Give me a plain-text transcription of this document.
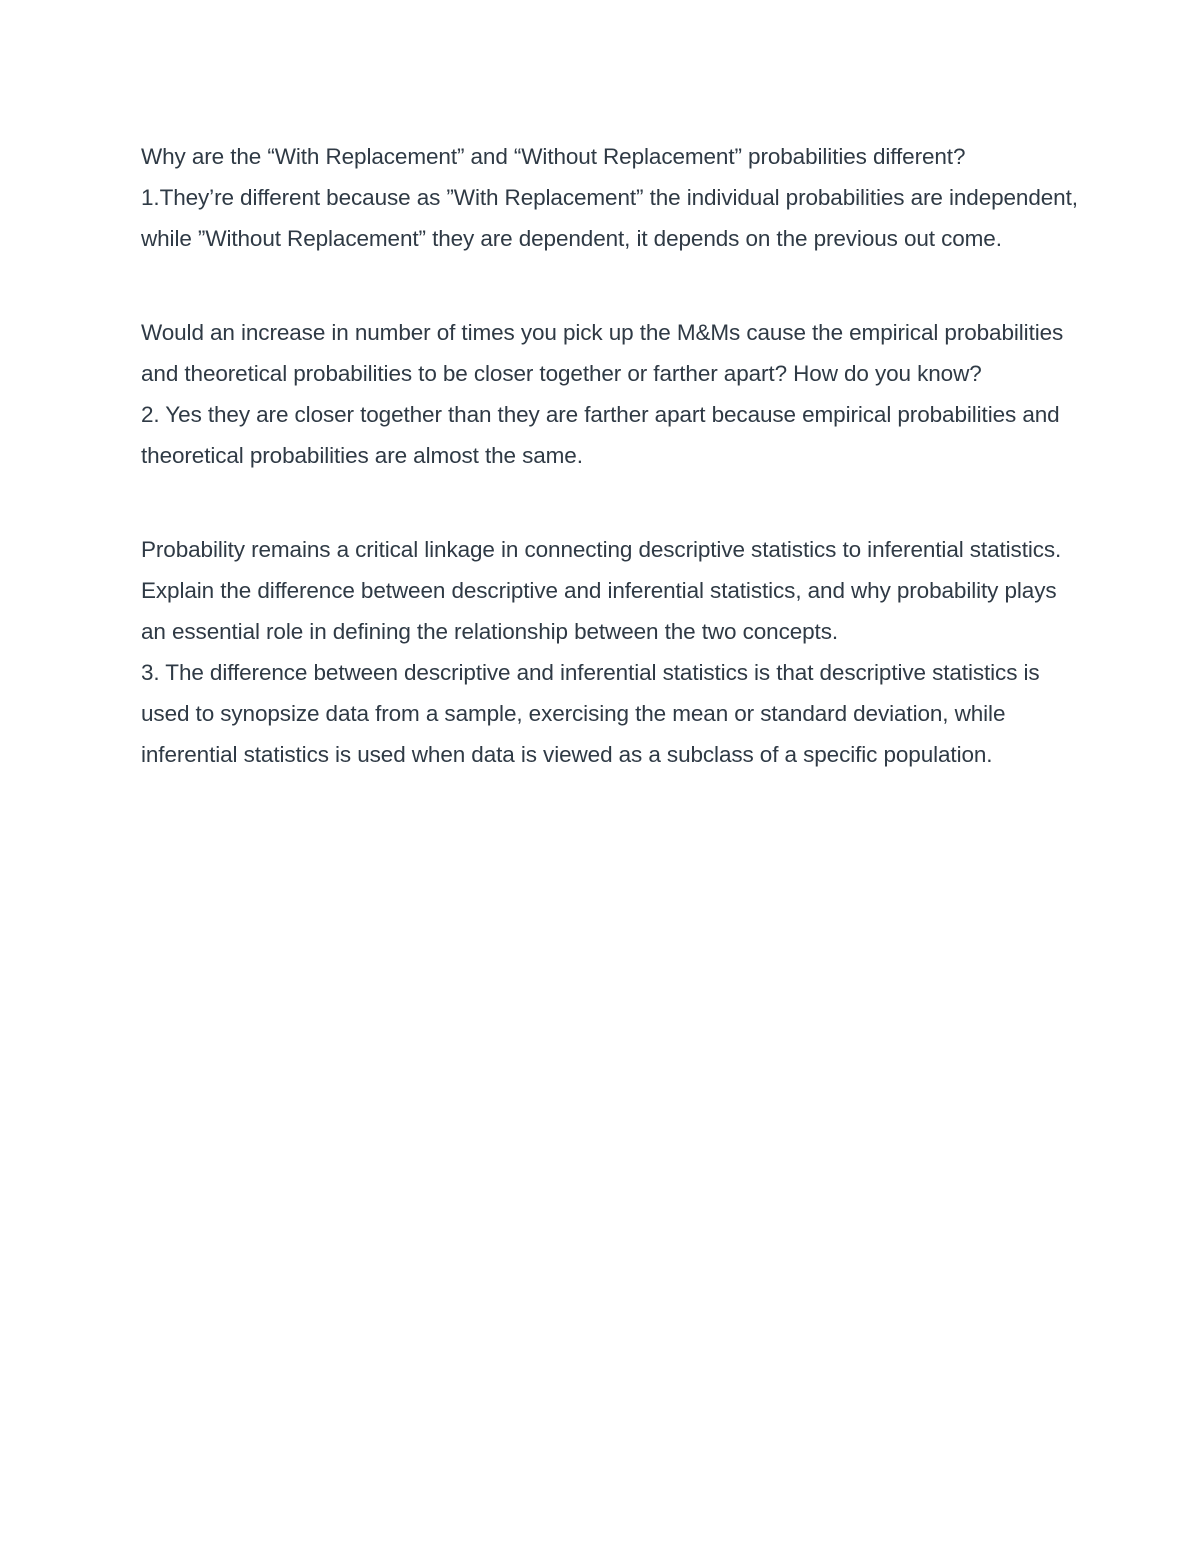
Why are the “With Replacement” and “Without Replacement” probabilities different?

1.They’re different because as ”With Replacement” the individual probabilities are independent, while ”Without Replacement” they are dependent, it depends on the previous out come.

Would an increase in number of times you pick up the M&Ms cause the empirical probabilities and theoretical probabilities to be closer together or farther apart? How do you know?

2. Yes they are closer together than they are farther apart because empirical probabilities and theoretical probabilities are almost the same.

Probability remains a critical linkage in connecting descriptive statistics to inferential statistics.  Explain the difference between descriptive and inferential statistics, and why probability plays an essential role in defining the relationship between the two concepts.

3. The difference between descriptive and inferential statistics is that descriptive statistics is used to synopsize data from a sample, exercising the mean or standard deviation, while inferential statistics is used when data is viewed as a subclass of a specific population.
